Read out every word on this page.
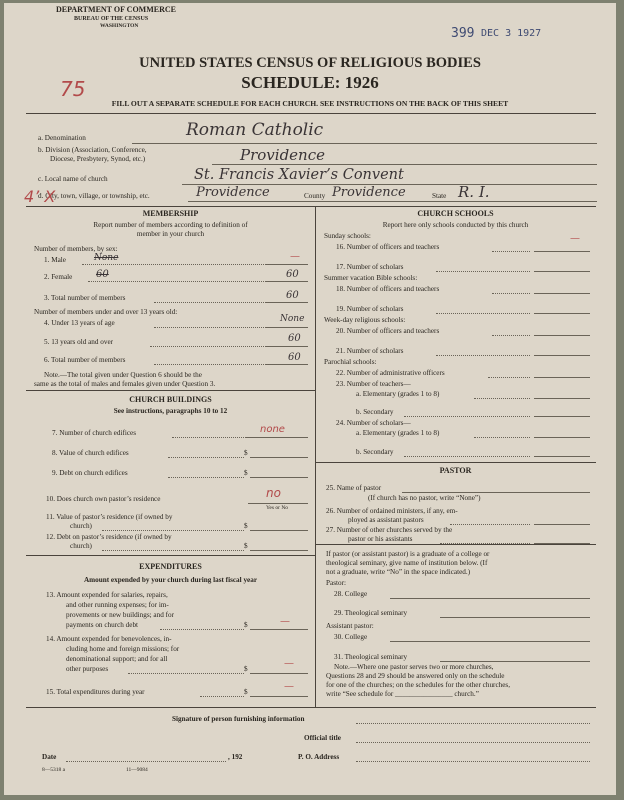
DEPARTMENT OF COMMERCE
BUREAU OF THE CENSUS
WASHINGTON	399 DEC 3 1927
UNITED STATES CENSUS OF RELIGIOUS BODIES
SCHEDULE: 1926
75
FILL OUT A SEPARATE SCHEDULE FOR EACH CHURCH. SEE INSTRUCTIONS ON THE BACK OF THIS SHEET
a. Denomination	Roman Catholic
b. Division (Association, Conference,
Diocese, Presbytery, Synod, etc.)	Providence
c. Local name of church	St. Francis Xavier’s Convent
d. City, town, village, or township, etc.	Providence	County Providence	State R. I.
4’ X
MEMBERSHIP
Report number of members according to definition of
member in your church
Number of members, by sex:
1. Male	None	—
2. Female 60	60
3. Total number of members	60
Number of members under and over 13 years old:
4. Under 13 years of age	None
5. 13 years old and over	60
6. Total number of members	60
Note.—The total given under Question 6 should be the
same as the total of males and females given under Question 3.
CHURCH BUILDINGS
See instructions, paragraphs 10 to 12
7. Number of church edifices	none
8. Value of church edifices	$
9. Debt on church edifices	$
10. Does church own pastor’s residence	no
Yes or No
11. Value of pastor’s residence (if owned by
church)	$
12. Debt on pastor’s residence (if owned by
church)	$
EXPENDITURES
Amount expended by your church during last fiscal year
13. Amount expended for salaries, repairs,
and other running expenses; for im-
provements or new buildings; and for
payments on church debt	$	—
14. Amount expended for benevolences, in-
cluding home and foreign missions; for
denominational support; and for all
other purposes	$	—
15. Total expenditures during year	$	—
CHURCH SCHOOLS
Report here only schools conducted by this church
Sunday schools:
16. Number of officers and teachers
—
17. Number of scholars
Summer vacation Bible schools:
18. Number of officers and teachers
19. Number of scholars
Week-day religious schools:
20. Number of officers and teachers
21. Number of scholars
Parochial schools:
22. Number of administrative officers
23. Number of teachers—
a. Elementary (grades 1 to 8)
b. Secondary
24. Number of scholars—
a. Elementary (grades 1 to 8)
b. Secondary
PASTOR
25. Name of pastor
(If church has no pastor, write “None”)
26. Number of ordained ministers, if any, em-
ployed as assistant pastors
27. Number of other churches served by the
pastor or his assistants
If pastor (or assistant pastor) is a graduate of a college or
theological seminary, give name of institution below. (If
not a graduate, write “No” in the space indicated.)
Pastor:
28. College
29. Theological seminary
Assistant pastor:
30. College
31. Theological seminary
Note.—Where one pastor serves two or more churches,
Questions 28 and 29 should be answered only on the schedule
for one of the churches; on the schedules for the other churches,
write “See schedule for ________________ church.”
Signature of person furnishing information
Official title
Date	, 192	P. O. Address
8—5318 a	11—9084
